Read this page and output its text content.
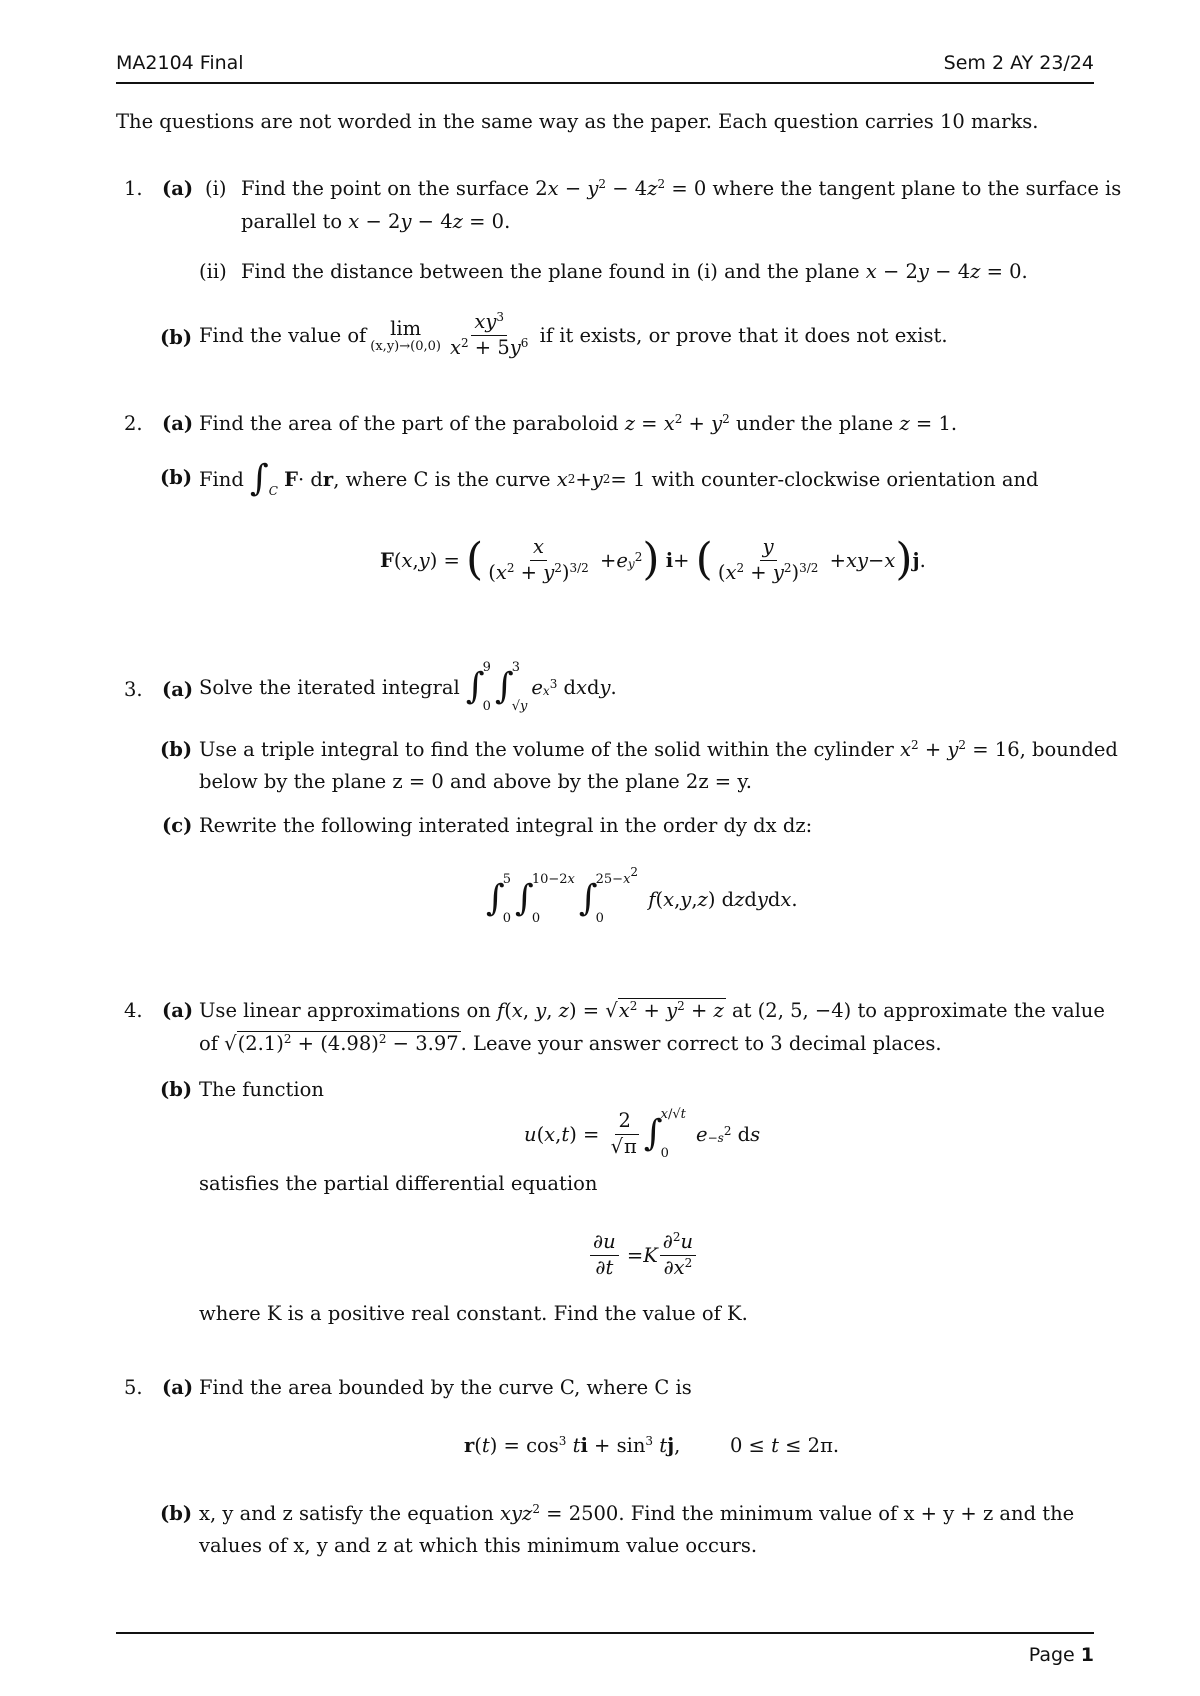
MA2104 Final	Sem 2 AY 23/24
The questions are not worded in the same way as the paper. Each question carries 10 marks.
1. (a) (i) Find the point on the surface $2x - y^2 - 4z^2 = 0$ where the tangent plane to the surface is
parallel to x − 2y − 4z = 0.
(ii) Find the distance between the plane found in (i) and the plane x − 2y − 4z = 0.
(b) Find the value of lim
$(x,y)\to(0,0) \frac{xy^3}{x^2 + 5y^6}$
if it exists, or prove that it does not exist.
2. (a) Find the area of the part of the paraboloid $z = x^2 + y^2$ under the plane z = 1.
(b) Find
∫ C

F · d r , where C is the curve
x 2 + y 2 = 1 with counter-clockwise orientation and
F ( x , y ) = ( $\frac{x}{(x^2 + y^2)^{3/2}} + e$ $y^2$ )
i + ( $\frac{y}{(x^2 + y^2)^{3/2}}$ + xy − x ) j .
3. (a) Solve the iterated integral
∫
9
0 ∫
3
√y
e $x^3$ d x d y .
(b) Use a triple integral to find the volume of the solid within the cylinder $x^2 + y^2 = 16$, bounded
below by the plane z = 0 and above by the plane 2z = y.
(c) Rewrite the following interated integral in the order dy dx dz:
∫
5
0 ∫
10−2x
0	∫
$25-x^2$
0

f ( x , y , z ) d z d y d x .
4. (a) Use linear approximations on f(x, y, $z) = √x^2 + y^2 + z$ at (2, 5, −4) to approximate the value
of $√(2.1)^2 + (4.98)^2 - 3.97$ . Leave your answer correct to 3 decimal places.
(b) The function
u ( x , t ) = $\frac{2}{√\pi}$ ∫
x/√t
0

$e -s^2$ d s
satisfies the partial differential equation
$\frac{\partial u}{\partial t} = K \frac{\partial^2u}{\partial x^2}$
where K is a positive real constant. Find the value of K.
5. (a) Find the area bounded by the curve C, where C is
$r(t) = \cos^3$ ti + $\sin^3$ tj,        0 ≤ t ≤ 2π.
(b) x, y and z satisfy the equation xyz$^2$ = 2500. Find the minimum value of x + y + z and the
values of x, y and z at which this minimum value occurs.
Page 1
